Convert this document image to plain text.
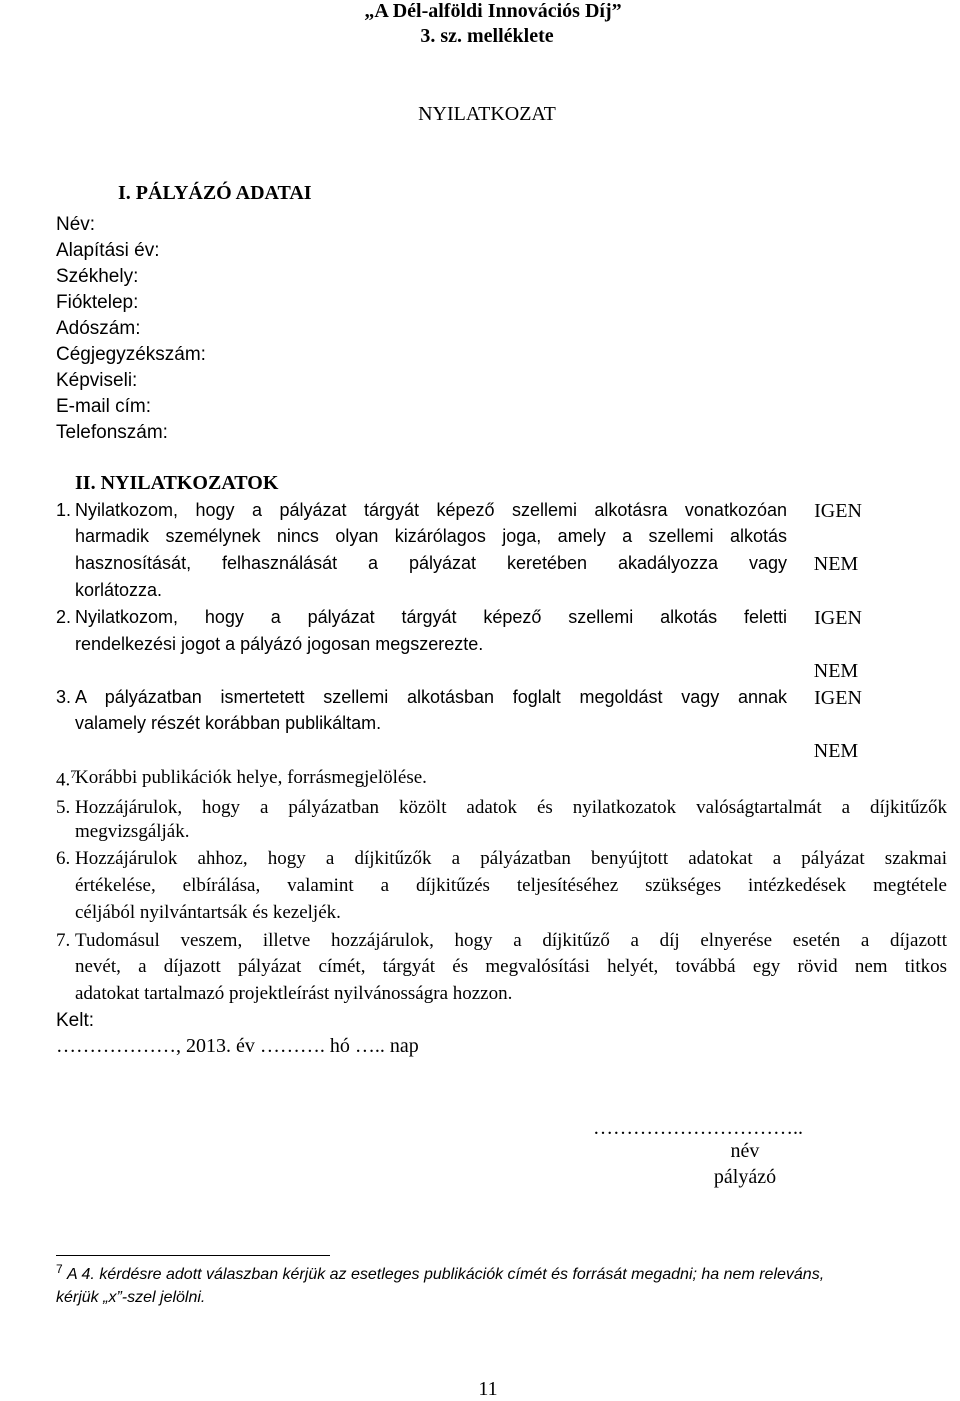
„A Dél-alföldi Innovációs Díj”
3. sz. melléklete
NYILATKOZAT
I. PÁLYÁZÓ ADATAI
Név:
Alapítási év:
Székhely:
Fióktelep:
Adószám:
Cégjegyzékszám:
Képviseli:
E-mail cím:
Telefonszám:
II. NYILATKOZATOK
1. Nyilatkozom, hogy a pályázat tárgyát képező szellemi alkotásra vonatkozóan
harmadik személynek nincs olyan kizárólagos joga, amely a szellemi alkotás
hasznosítását, felhasználását a pályázat keretében akadályozza vagy
korlátozza.
2. Nyilatkozom, hogy a pályázat tárgyát képező szellemi alkotás feletti
rendelkezési jogot a pályázó jogosan megszerezte.
3. A pályázatban ismertetett szellemi alkotásban foglalt megoldást vagy annak
valamely részét korábban publikáltam.
IGEN
NEM
IGEN
NEM
IGEN
NEM
4.$^7$
Korábbi publikációk helye, forrásmegjelölése.
5. Hozzájárulok, hogy a pályázatban közölt adatok és nyilatkozatok valóságtartalmát a díjkitűzők
megvizsgálják.
6. Hozzájárulok ahhoz, hogy a díjkitűzők a pályázatban benyújtott adatokat a pályázat szakmai
értékelése, elbírálása, valamint a díjkitűzés teljesítéséhez szükséges intézkedések megtétele
céljából nyilvántartsák és kezeljék.
7. Tudomásul veszem, illetve hozzájárulok, hogy a díjkitűző a díj elnyerése esetén a díjazott
nevét, a díjazott pályázat címét, tárgyát és megvalósítási helyét, továbbá egy rövid nem titkos
adatokat tartalmazó projektleírást nyilvánosságra hozzon.
Kelt:
………………, 2013. év ………. hó ….. nap
…………………………..
név
pályázó
$^7$ A 4. kérdésre adott válaszban kérjük az esetleges publikációk címét és forrását megadni; ha nem releváns,
kérjük „x”-szel jelölni.
11
